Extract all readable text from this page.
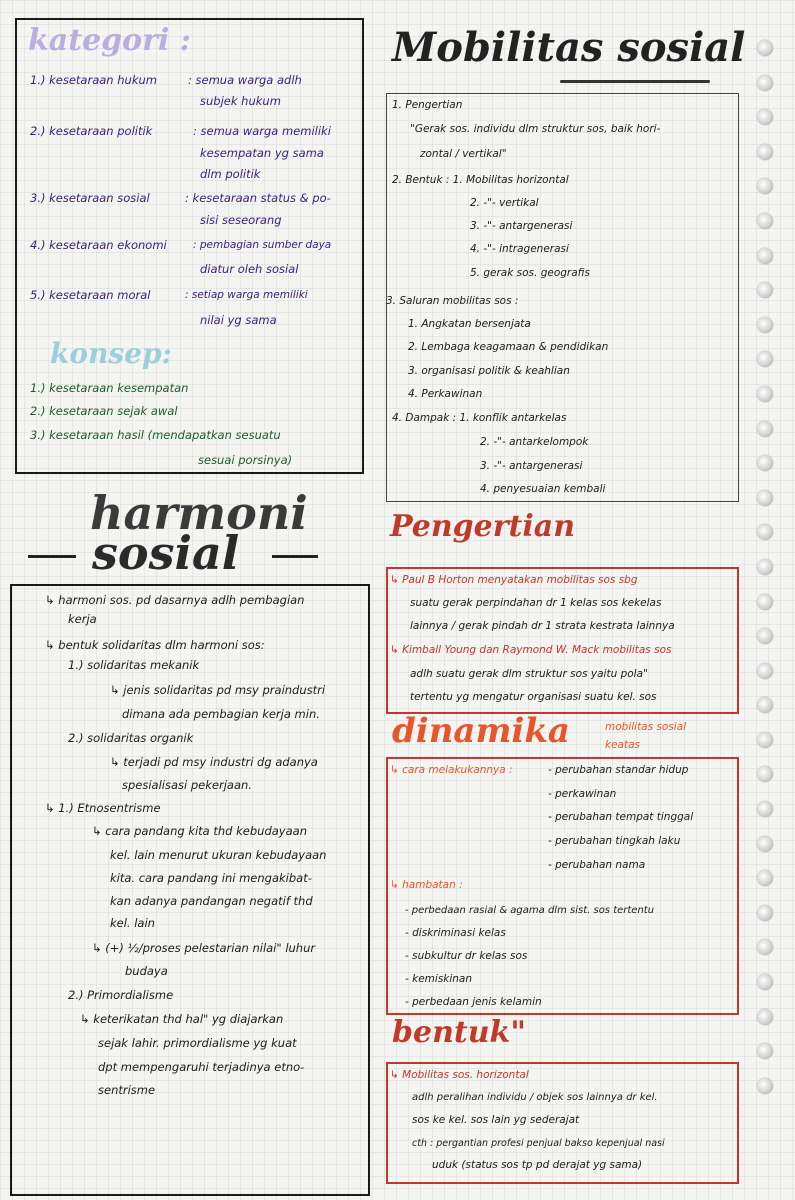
kategori :
1.) kesetaraan hukum	: semua warga adlh
subjek hukum
2.) kesetaraan politik	: semua warga memiliki
kesempatan yg sama
dlm politik
3.) kesetaraan sosial	: kesetaraan status & po-
sisi seseorang
4.) kesetaraan ekonomi	: pembagian sumber daya
diatur oleh sosial
5.) kesetaraan moral	: setiap warga memiliki
nilai yg sama
konsep:
1.) kesetaraan kesempatan
2.) kesetaraan sejak awal
3.) kesetaraan hasil (mendapatkan sesuatu
sesuai porsinya)
harmoni
sosial
↳ harmoni sos. pd dasarnya adlh pembagian
kerja
↳ bentuk solidaritas dlm harmoni sos:
1.) solidaritas mekanik
↳ jenis solidaritas pd msy praindustri
dimana ada pembagian kerja min.
2.) solidaritas organik
↳ terjadi pd msy industri dg adanya
spesialisasi pekerjaan.
↳ 1.) Etnosentrisme
↳ cara pandang kita thd kebudayaan
kel. lain menurut ukuran kebudayaan
kita. cara pandang ini mengakibat-
kan adanya pandangan negatif thd
kel. lain
↳ (+) ½/proses pelestarian nilai" luhur
budaya
2.) Primordialisme
↳ keterikatan thd hal" yg diajarkan
sejak lahir. primordialisme yg kuat
dpt mempengaruhi terjadinya etno-
sentrisme
Mobilitas sosial
1. Pengertian
"Gerak sos. individu dlm struktur sos, baik hori-
zontal / vertikal"
2. Bentuk : 1. Mobilitas horizontal
2. -"- vertikal
3. -"- antargenerasi
4. -"- intragenerasi
5. gerak sos. geografis
3. Saluran mobilitas sos :
1. Angkatan bersenjata
2. Lembaga keagamaan & pendidikan
3. organisasi politik & keahlian
4. Perkawinan
4. Dampak : 1. konflik antarkelas
2. -"- antarkelompok
3. -"- antargenerasi
4. penyesuaian kembali
Pengertian
↳ Paul B Horton menyatakan mobilitas sos sbg
suatu gerak perpindahan dr 1 kelas sos kekelas
lainnya / gerak pindah dr 1 strata kestrata lainnya
↳ Kimball Young dan Raymond W. Mack mobilitas sos
adlh suatu gerak dlm struktur sos yaitu pola"
tertentu yg mengatur organisasi suatu kel. sos
dinamika	mobilitas sosial
keatas
↳ cara melakukannya :	- perubahan standar hidup
- perkawinan
- perubahan tempat tinggal
- perubahan tingkah laku
- perubahan nama
↳ hambatan :
- perbedaan rasial & agama dlm sist. sos tertentu
- diskriminasi kelas
- subkultur dr kelas sos
- kemiskinan
- perbedaan jenis kelamin
bentuk"
↳ Mobilitas sos. horizontal
adlh peralihan individu / objek sos lainnya dr kel.
sos ke kel. sos lain yg sederajat
cth : pergantian profesi penjual bakso kepenjual nasi
uduk (status sos tp pd derajat yg sama)
